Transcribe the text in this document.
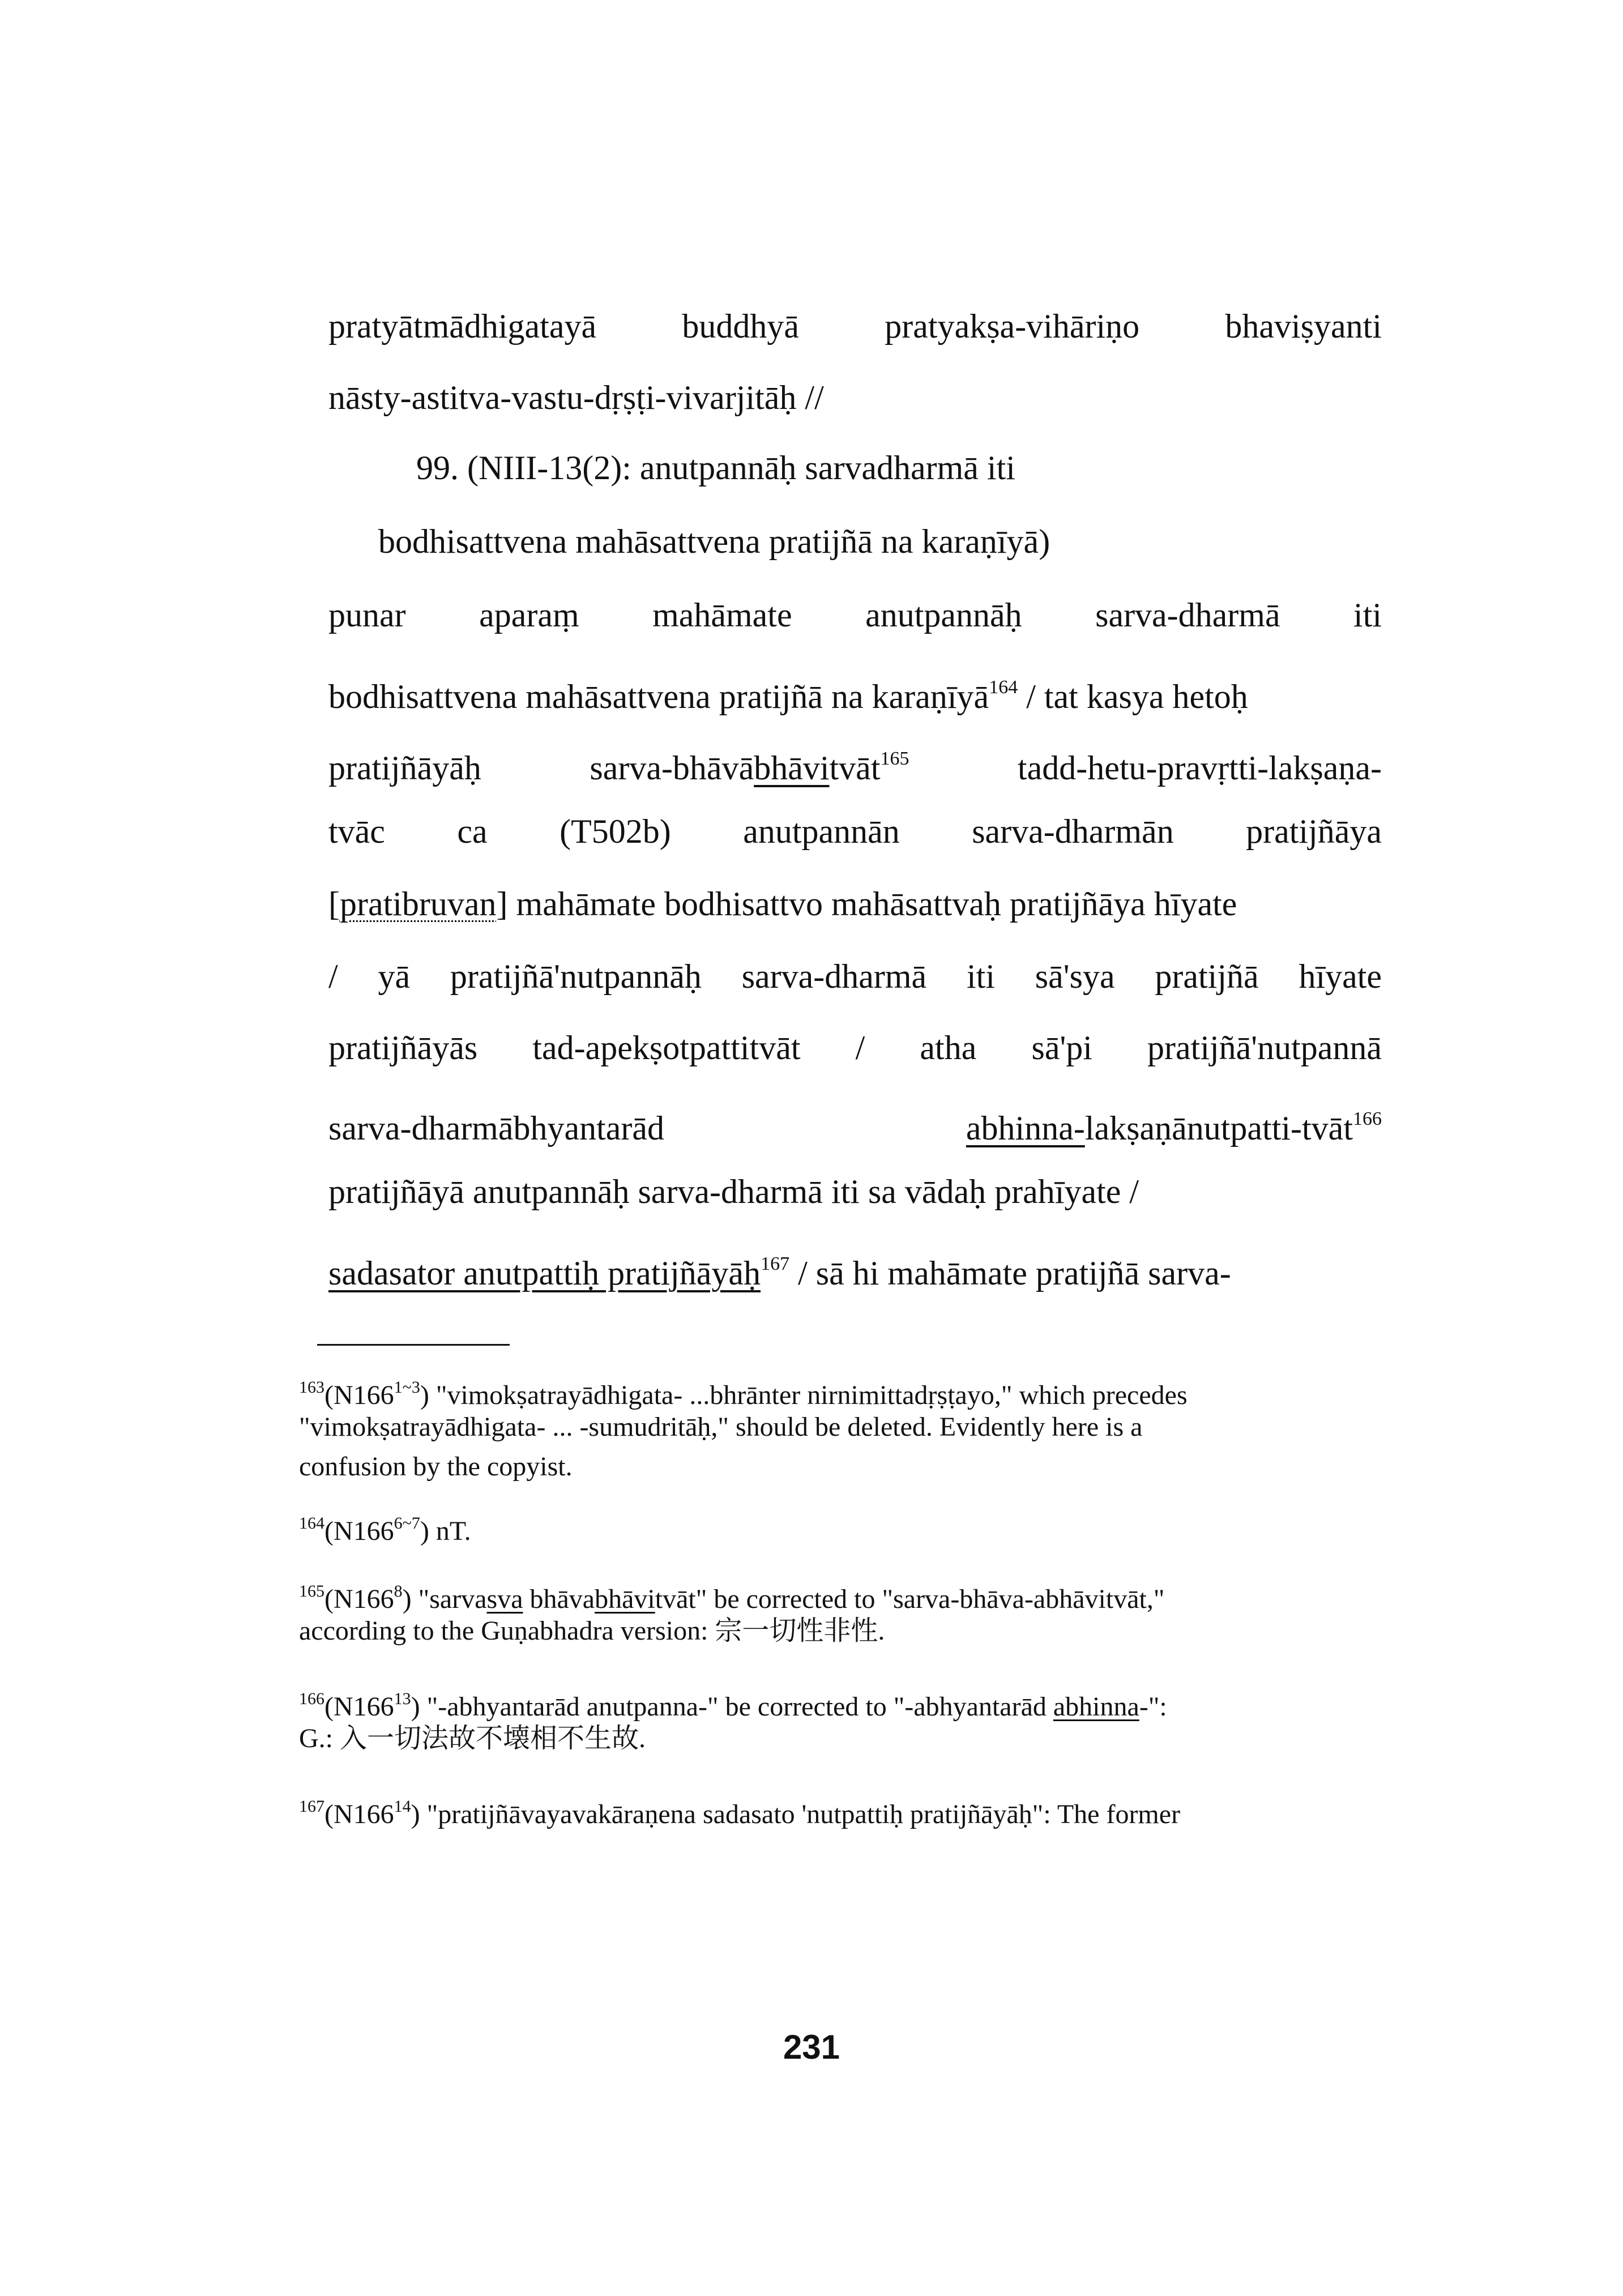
pratyātmādhigatayā	buddhyā	pratyakṣa-vihāriṇo	bhaviṣyanti
nāsty-astitva-vastu-dṛṣṭi-vivarjitāḥ //
99. (NIII-13(2): anutpannāḥ sarvadharmā iti
bodhisattvena mahāsattvena pratijñā na karaṇīyā)
punar aparaṃ mahāmate anutpannāḥ sarva-dharmā iti
bodhisattvena mahāsattvena pratijñā na karaṇīyā$^{164}$ / tat kasya hetoḥ
pratijñāyāḥ	sarva-bhāvābhāvitvāt$^{165}$	tadd-hetu-pravṛtti-lakṣaṇa-
tvāc ca (T502b) anutpannān sarva-dharmān pratijñāya
[pratibruvan] mahāmate bodhisattvo mahāsattvaḥ pratijñāya hīyate
/ yā pratijñā'nutpannāḥ sarva-dharmā iti sā'sya pratijñā hīyate
pratijñāyās tad-apekṣotpattitvāt / atha sā'pi pratijñā'nutpannā
sarva-dharmābhyantarād	abhinna-lakṣaṇānutpatti-tvāt$^{166}$
pratijñāyā anutpannāḥ sarva-dharmā iti sa vādaḥ prahīyate /
sadasator anutpattiḥ pratijñāyāḥ$^{167}$ / sā hi mahāmate pratijñā sarva-
$^{163}$(N166$^{1\sim 3}$) "vimokṣatrayādhigata- ...bhrānter nirnimittadṛṣṭayo," which precedes
"vimokṣatrayādhigata- ... -sumudritāḥ," should be deleted. Evidently here is a
confusion by the copyist.
$^{164}$(N166$^{6\sim 7}$) nT.
$^{165}$(N166$^8$) "sarvasva bhāvabhāvitvāt" be corrected to "sarva-bhāva-abhāvitvāt,"
according to the Guṇabhadra version: 宗一切性非性.
$^{166}$(N166$^{13}$) "-abhyantarād anutpanna-" be corrected to "-abhyantarād abhinna-":
G.: 入一切法故不壊相不生故.
$^{167}$(N166$^{14}$) "pratijñāvayavakāraṇena sadasato 'nutpattiḥ pratijñāyāḥ": The former
231
